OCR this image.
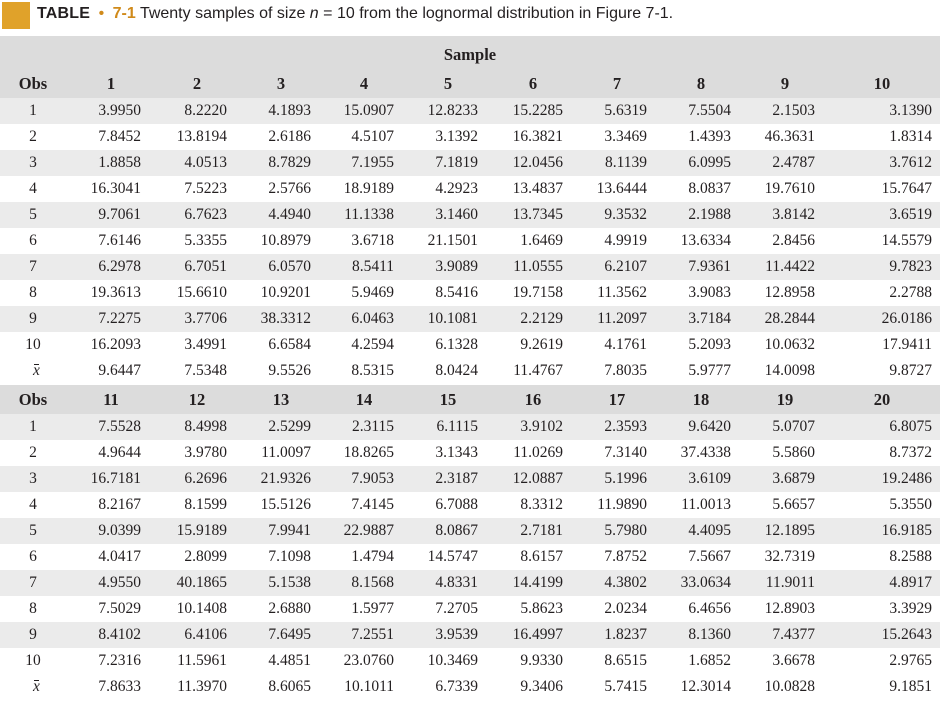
TABLE • 7-1 Twenty samples of size n = 10 from the lognormal distribution in Figure 7-1.
Sample
Obs	1	2	3	4	5	6	7	8	9	10
1	3.9950	8.2220	4.1893 15.0907 12.8233 15.2285	5.6319	7.5504	2.1503	3.1390
2	7.8452 13.8194	2.6186	4.5107	3.1392 16.3821	3.3469	1.4393 46.3631	1.8314
3	1.8858	4.0513	8.7829	7.1955	7.1819 12.0456	8.1139	6.0995	2.4787	3.7612
4	16.3041	7.5223	2.5766 18.9189	4.2923 13.4837 13.6444	8.0837 19.7610	15.7647
5	9.7061	6.7623	4.4940 11.1338	3.1460 13.7345	9.3532	2.1988	3.8142	3.6519
6	7.6146	5.3355 10.8979	3.6718 21.1501	1.6469	4.9919 13.6334	2.8456	14.5579
7	6.2978	6.7051	6.0570	8.5411	3.9089 11.0555	6.2107	7.9361 11.4422	9.7823
8	19.3613 15.6610 10.9201	5.9469	8.5416 19.7158 11.3562	3.9083 12.8958	2.2788
9	7.2275	3.7706 38.3312	6.0463 10.1081	2.2129 11.2097	3.7184 28.2844	26.0186
10	16.2093	3.4991	6.6584	4.2594	6.1328	9.2619	4.1761	5.2093 10.0632	17.9411
x	9.6447	7.5348	9.5526	8.5315	8.0424 11.4767	7.8035	5.9777 14.0098	9.8727
Obs	11	12	13	14	15	16	17	18	19	20
1	7.5528	8.4998	2.5299	2.3115	6.1115	3.9102	2.3593	9.6420	5.0707	6.8075
2	4.9644	3.9780 11.0097 18.8265	3.1343 11.0269	7.3140 37.4338	5.5860	8.7372
3	16.7181	6.2696 21.9326	7.9053	2.3187 12.0887	5.1996	3.6109	3.6879	19.2486
4	8.2167	8.1599 15.5126	7.4145	6.7088	8.3312 11.9890 11.0013	5.6657	5.3550
5	9.0399 15.9189	7.9941 22.9887	8.0867	2.7181	5.7980	4.4095 12.1895	16.9185
6	4.0417	2.8099	7.1098	1.4794 14.5747	8.6157	7.8752	7.5667 32.7319	8.2588
7	4.9550 40.1865	5.1538	8.1568	4.8331 14.4199	4.3802 33.0634 11.9011	4.8917
8	7.5029 10.1408	2.6880	1.5977	7.2705	5.8623	2.0234	6.4656 12.8903	3.3929
9	8.4102	6.4106	7.6495	7.2551	3.9539 16.4997	1.8237	8.1360	7.4377	15.2643
10	7.2316 11.5961	4.4851 23.0760 10.3469	9.9330	8.6515	1.6852	3.6678	2.9765
x	7.8633 11.3970	8.6065 10.1011	6.7339	9.3406	5.7415 12.3014 10.0828	9.1851
